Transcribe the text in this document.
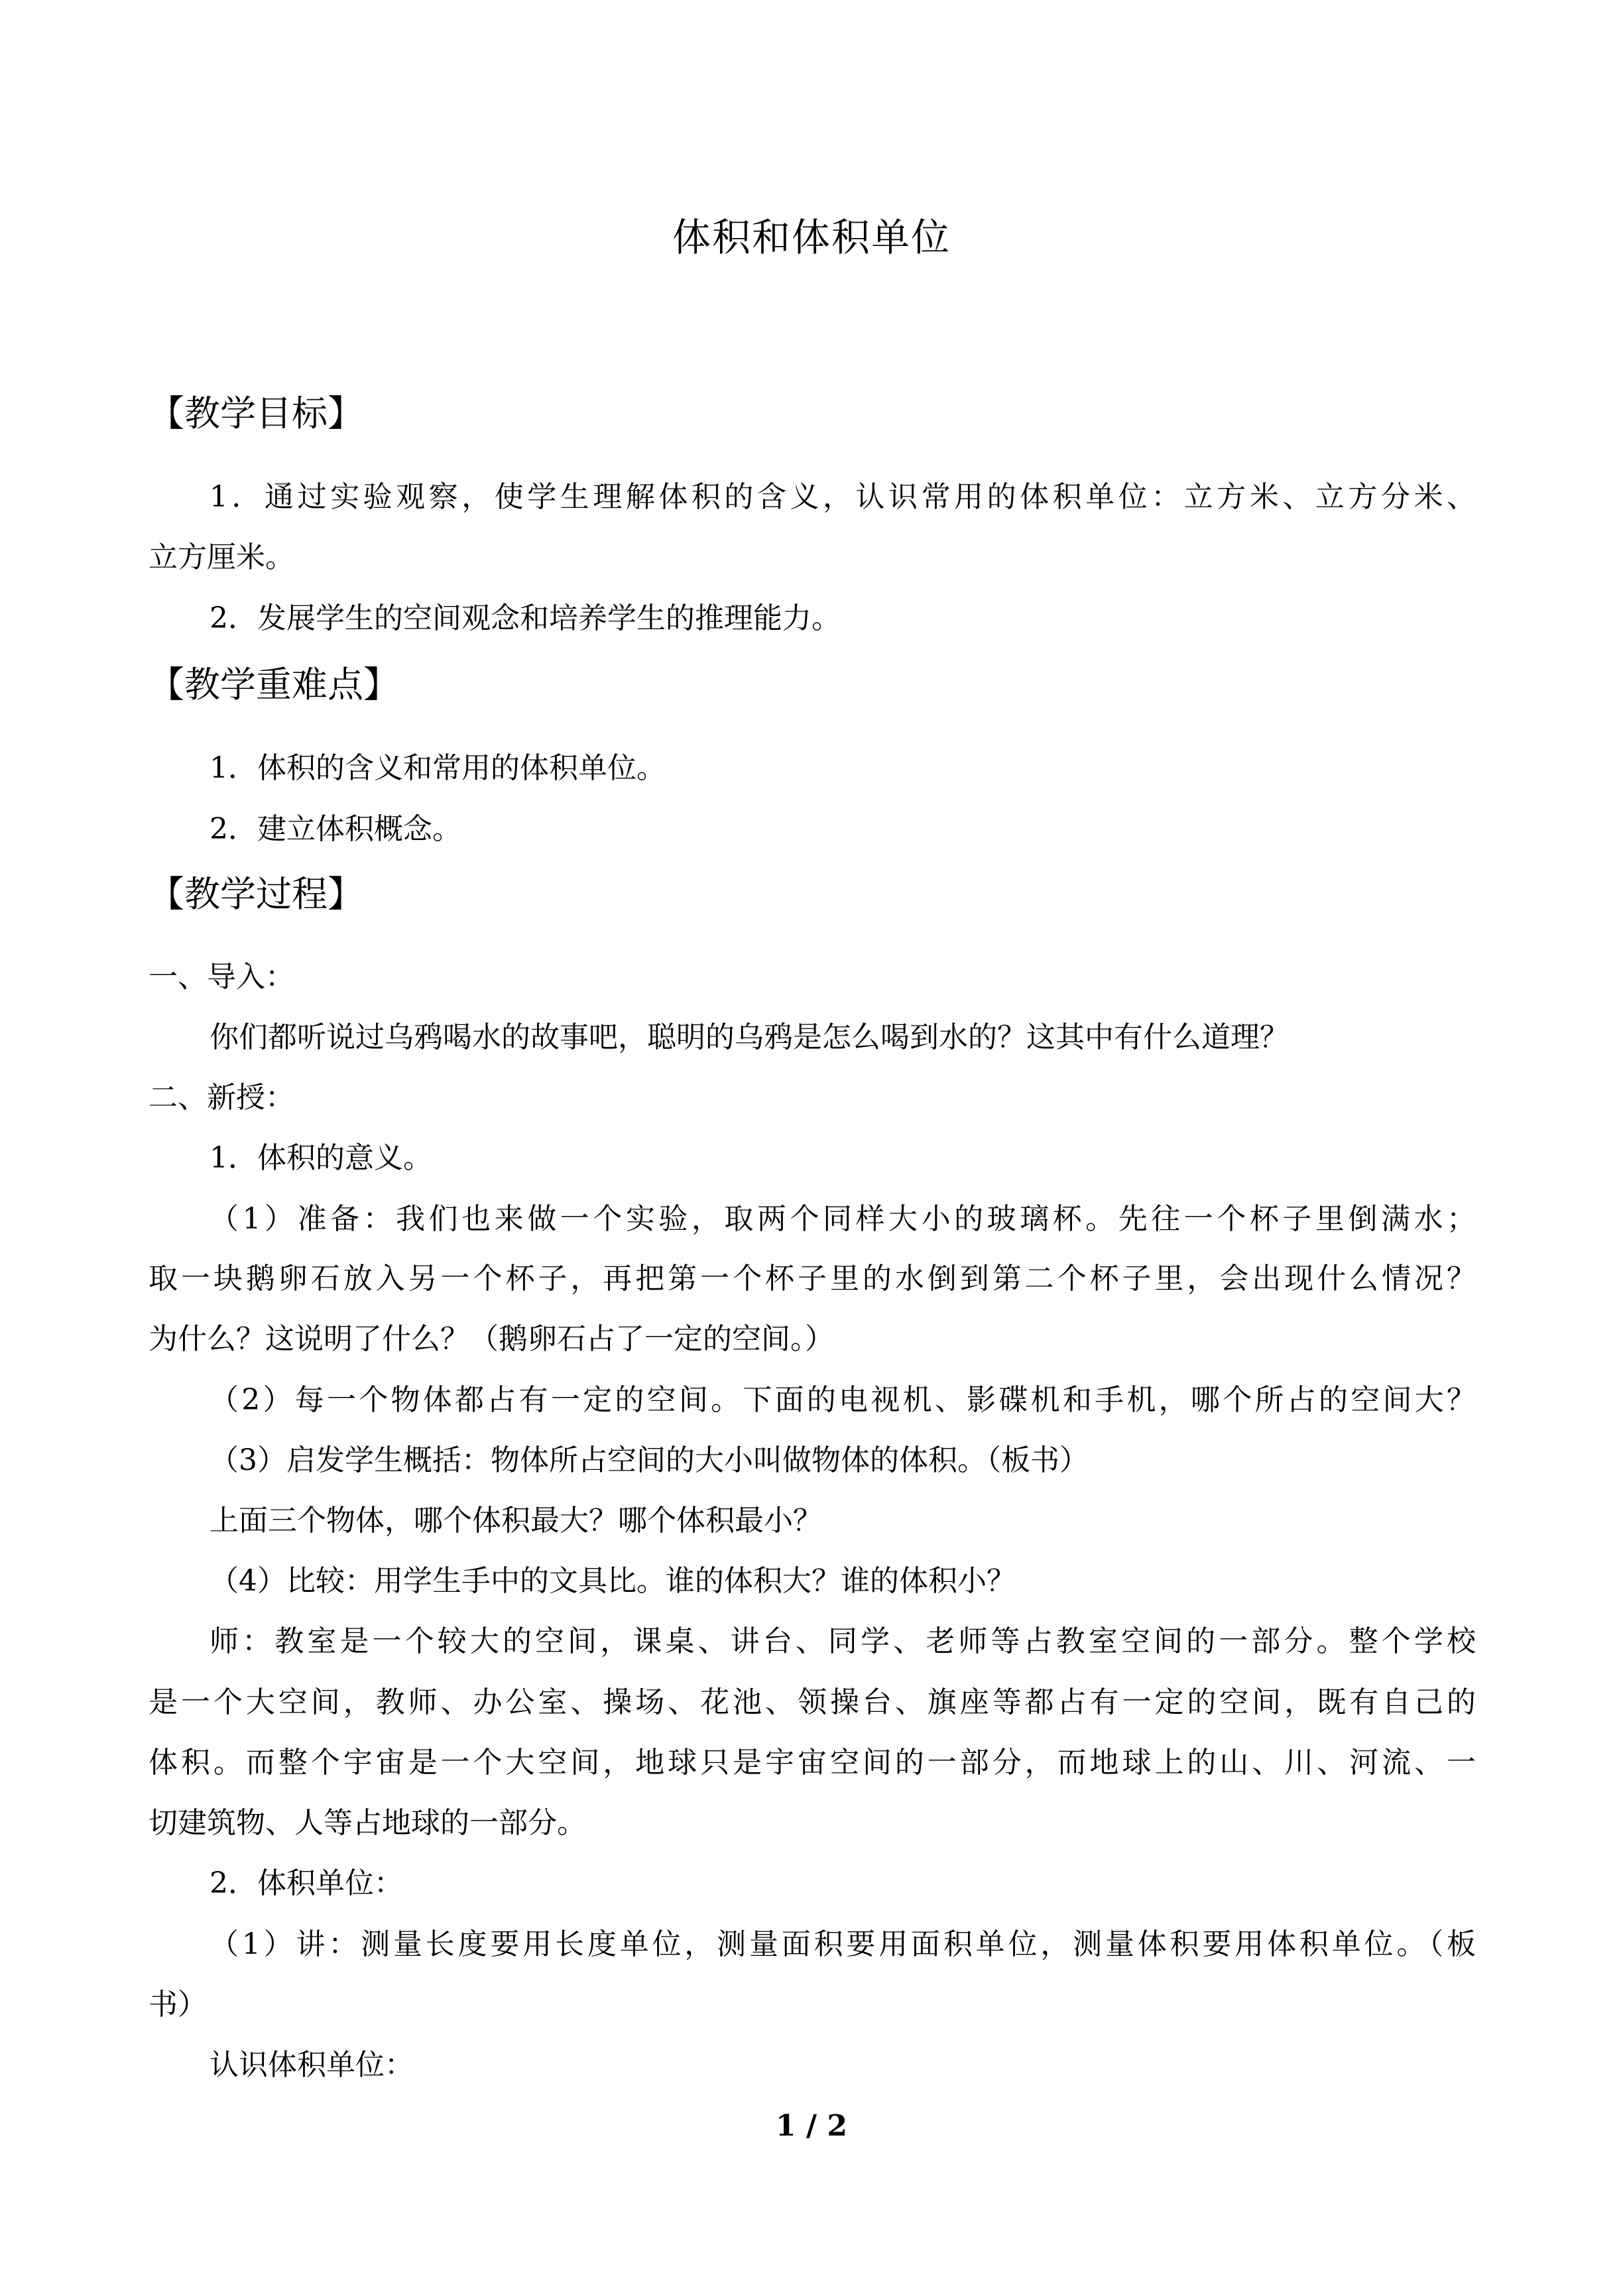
体积和体积单位
【教学目标】
1．通过实验观察，使学生理解体积的含义，认识常用的体积单位：立方米、立方分米、
立方厘米。
2．发展学生的空间观念和培养学生的推理能力。
【教学重难点】
1．体积的含义和常用的体积单位。
2．建立体积概念。
【教学过程】
一、导入：
你们都听说过乌鸦喝水的故事吧，聪明的乌鸦是怎么喝到水的？这其中有什么道理？
二、新授：
1．体积的意义。
（1）准备：我们也来做一个实验，取两个同样大小的玻璃杯。先往一个杯子里倒满水；
取一块鹅卵石放入另一个杯子，再把第一个杯子里的水倒到第二个杯子里，会出现什么情况？
为什么？这说明了什么？（鹅卵石占了一定的空间。）
（2）每一个物体都占有一定的空间。下面的电视机、影碟机和手机，哪个所占的空间大？
（3）启发学生概括：物体所占空间的大小叫做物体的体积。（板书）
上面三个物体，哪个体积最大？哪个体积最小？
（4）比较：用学生手中的文具比。谁的体积大？谁的体积小？
师：教室是一个较大的空间，课桌、讲台、同学、老师等占教室空间的一部分。整个学校
是一个大空间，教师、办公室、操场、花池、领操台、旗座等都占有一定的空间，既有自己的
体积。而整个宇宙是一个大空间，地球只是宇宙空间的一部分，而地球上的山、川、河流、一
切建筑物、人等占地球的一部分。
2．体积单位：
（1）讲：测量长度要用长度单位，测量面积要用面积单位，测量体积要用体积单位。（板
书）
认识体积单位：
1 / 2
